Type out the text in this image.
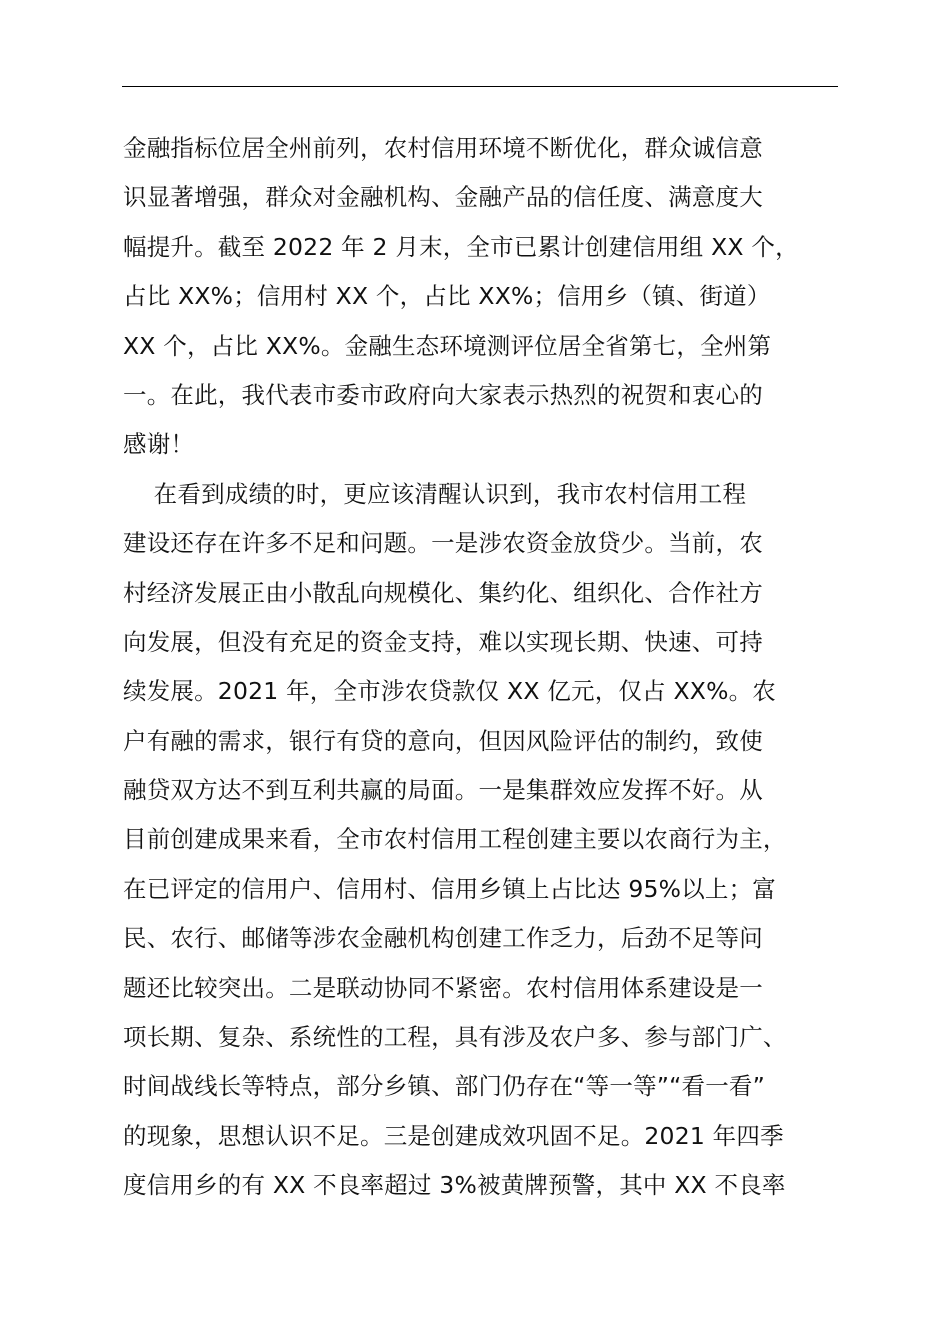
金融指标位居全州前列，农村信用环境不断优化，群众诚信意
识显著增强，群众对金融机构、金融产品的信任度、满意度大
幅提升。截至 2022 年 2 月末，全市已累计创建信用组 XX 个，
占比 XX%；信用村 XX 个，占比 XX%；信用乡（镇、街道）
XX 个，占比 XX%。金融生态环境测评位居全省第七，全州第
一。在此，我代表市委市政府向大家表示热烈的祝贺和衷心的
感谢！
在看到成绩的时，更应该清醒认识到，我市农村信用工程
建设还存在许多不足和问题。一是涉农资金放贷少。当前，农
村经济发展正由小散乱向规模化、集约化、组织化、合作社方
向发展，但没有充足的资金支持，难以实现长期、快速、可持
续发展。2021 年，全市涉农贷款仅 XX 亿元，仅占 XX%。农
户有融的需求，银行有贷的意向，但因风险评估的制约，致使
融贷双方达不到互利共赢的局面。一是集群效应发挥不好。从
目前创建成果来看，全市农村信用工程创建主要以农商行为主，
在已评定的信用户、信用村、信用乡镇上占比达 95%以上；富
民、农行、邮储等涉农金融机构创建工作乏力，后劲不足等问
题还比较突出。二是联动协同不紧密。农村信用体系建设是一
项长期、复杂、系统性的工程，具有涉及农户多、参与部门广、
时间战线长等特点，部分乡镇、部门仍存在“等一等”“看一看”
的现象，思想认识不足。三是创建成效巩固不足。2021 年四季
度信用乡的有 XX 不良率超过 3%被黄牌预警，其中 XX 不良率
